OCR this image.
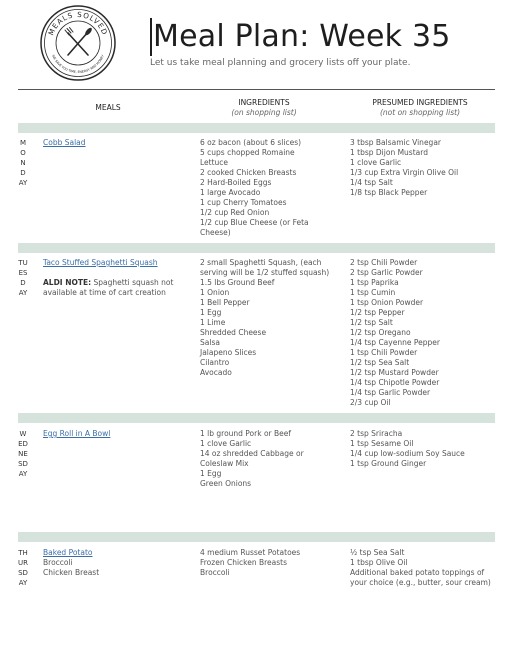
MEALS SOLVED
WE SAVE YOU TIME, ENERGY AND MONEY
Meal Plan: Week 35
Let us take meal planning and grocery lists off your plate.
MEALS
INGREDIENTS
(on shopping list)
PRESUMED INGREDIENTS
(not on shopping list)
MONDAY
Cobb Salad	6 oz bacon (about 6 slices)
5 cups chopped Romaine
Lettuce
2 cooked Chicken Breasts
2 Hard-Boiled Eggs
1 large Avocado
1 cup Cherry Tomatoes
1/2 cup Red Onion
1/2 cup Blue Cheese (or Feta Cheese)
3 tbsp Balsamic Vinegar
1 tbsp Dijon Mustard
1 clove Garlic
1/3 cup Extra Virgin Olive Oil
1/4 tsp Salt
1/8 tsp Black Pepper
TUESDAY
Taco Stuffed Spaghetti Squash
ALDI NOTE: Spaghetti squash not available at time of cart creation
2 small Spaghetti Squash, (each serving will be 1/2 stuffed squash)
1.5 lbs Ground Beef
1 Onion
1 Bell Pepper
1 Egg
1 Lime
Shredded Cheese
Salsa
Jalapeno Slices
Cilantro
Avocado
2 tsp Chili Powder
2 tsp Garlic Powder
1 tsp Paprika
1 tsp Cumin
1 tsp Onion Powder
1/2 tsp Pepper
1/2 tsp Salt
1/2 tsp Oregano
1/4 tsp Cayenne Pepper
1 tsp Chili Powder
1/2 tsp Sea Salt
1/2 tsp Mustard Powder
1/4 tsp Chipotle Powder
1/4 tsp Garlic Powder
2/3 cup Oil
WEDNESDAY
Egg Roll in A Bowl	1 lb ground Pork or Beef
1 clove Garlic
14 oz shredded Cabbage or Coleslaw Mix
1 Egg
Green Onions
2 tsp Sriracha
1 tsp Sesame Oil
1/4 cup low-sodium Soy Sauce
1 tsp Ground Ginger
THURSDAY
Baked Potato
Broccoli
Chicken Breast
4 medium Russet Potatoes
Frozen Chicken Breasts
Broccoli
½ tsp Sea Salt
1 tbsp Olive Oil
Additional baked potato toppings of your choice (e.g., butter, sour cream)
